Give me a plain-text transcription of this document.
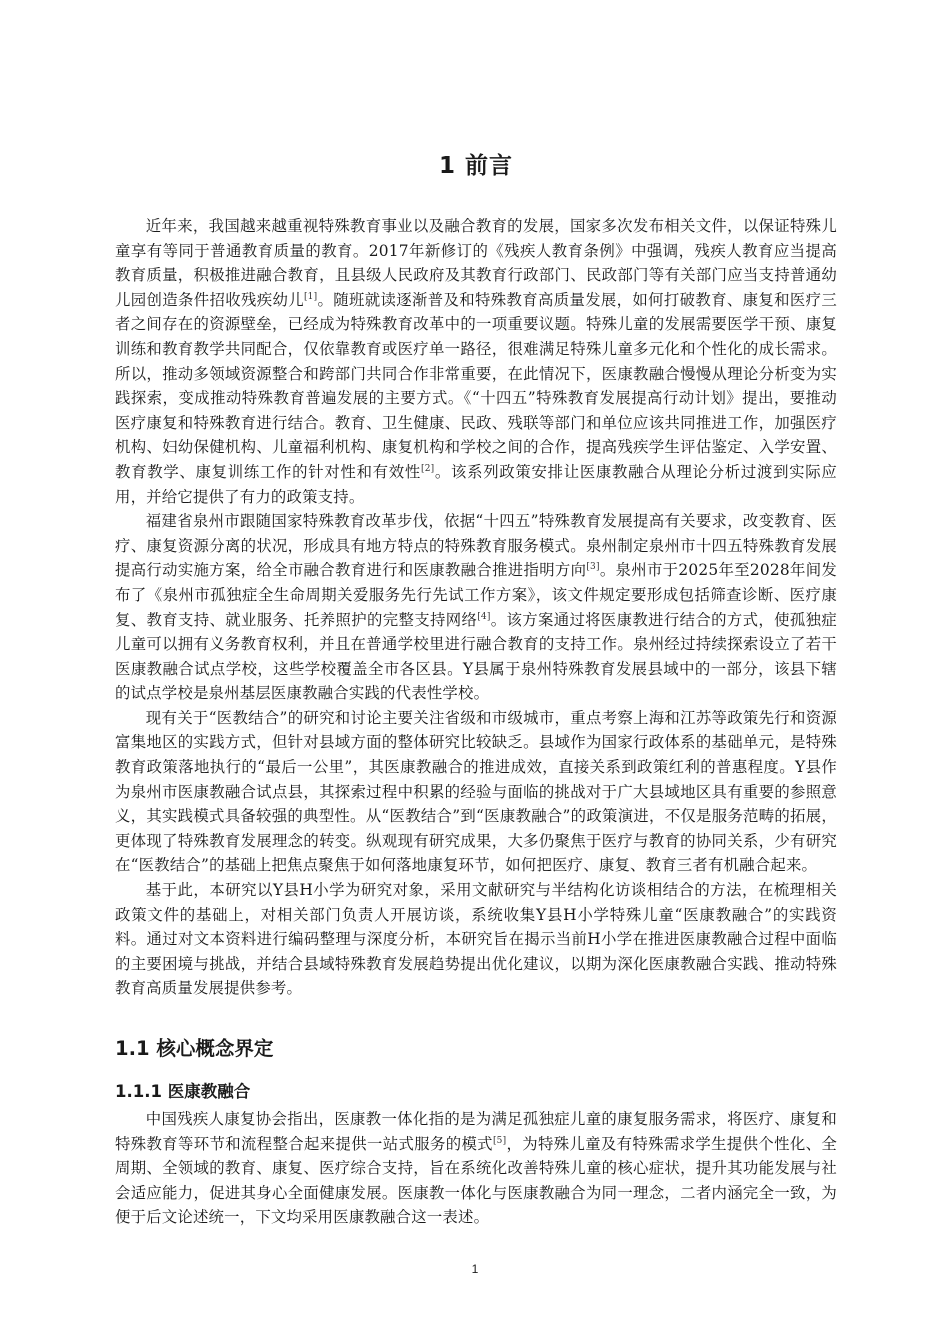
1 前言

近年来，我国越来越重视特殊教育事业以及融合教育的发展，国家多次发布相关文件，以保证特殊儿童享有等同于普通教育质量的教育。2017年新修订的《残疾人教育条例》中强调，残疾人教育应当提高教育质量，积极推进融合教育，且县级人民政府及其教育行政部门、民政部门等有关部门应当支持普通幼儿园创造条件招收残疾幼儿[1]。随班就读逐渐普及和特殊教育高质量发展，如何打破教育、康复和医疗三者之间存在的资源壁垒，已经成为特殊教育改革中的一项重要议题。特殊儿童的发展需要医学干预、康复训练和教育教学共同配合，仅依靠教育或医疗单一路径，很难满足特殊儿童多元化和个性化的成长需求。所以，推动多领域资源整合和跨部门共同合作非常重要，在此情况下，医康教融合慢慢从理论分析变为实践探索，变成推动特殊教育普遍发展的主要方式。《“十四五”特殊教育发展提高行动计划》提出，要推动医疗康复和特殊教育进行结合。教育、卫生健康、民政、残联等部门和单位应该共同推进工作，加强医疗机构、妇幼保健机构、儿童福利机构、康复机构和学校之间的合作，提高残疾学生评估鉴定、入学安置、教育教学、康复训练工作的针对性和有效性[2]。该系列政策安排让医康教融合从理论分析过渡到实际应用，并给它提供了有力的政策支持。

福建省泉州市跟随国家特殊教育改革步伐，依据“十四五”特殊教育发展提高有关要求，改变教育、医疗、康复资源分离的状况，形成具有地方特点的特殊教育服务模式。泉州制定泉州市十四五特殊教育发展提高行动实施方案，给全市融合教育进行和医康教融合推进指明方向[3]。泉州市于2025年至2028年间发布了《泉州市孤独症全生命周期关爱服务先行先试工作方案》，该文件规定要形成包括筛查诊断、医疗康复、教育支持、就业服务、托养照护的完整支持网络[4]。该方案通过将医康教进行结合的方式，使孤独症儿童可以拥有义务教育权利，并且在普通学校里进行融合教育的支持工作。泉州经过持续探索设立了若干医康教融合试点学校，这些学校覆盖全市各区县。Y县属于泉州特殊教育发展县域中的一部分，该县下辖的试点学校是泉州基层医康教融合实践的代表性学校。

现有关于“医教结合”的研究和讨论主要关注省级和市级城市，重点考察上海和江苏等政策先行和资源富集地区的实践方式，但针对县域方面的整体研究比较缺乏。县域作为国家行政体系的基础单元，是特殊教育政策落地执行的“最后一公里”，其医康教融合的推进成效，直接关系到政策红利的普惠程度。Y县作为泉州市医康教融合试点县，其探索过程中积累的经验与面临的挑战对于广大县域地区具有重要的参照意义，其实践模式具备较强的典型性。从“医教结合”到“医康教融合”的政策演进，不仅是服务范畴的拓展，更体现了特殊教育发展理念的转变。纵观现有研究成果，大多仍聚焦于医疗与教育的协同关系，少有研究在“医教结合”的基础上把焦点聚焦于如何落地康复环节，如何把医疗、康复、教育三者有机融合起来。

基于此，本研究以Y县H小学为研究对象，采用文献研究与半结构化访谈相结合的方法，在梳理相关政策文件的基础上，对相关部门负责人开展访谈，系统收集Y县H小学特殊儿童“医康教融合”的实践资料。通过对文本资料进行编码整理与深度分析，本研究旨在揭示当前H小学在推进医康教融合过程中面临的主要困境与挑战，并结合县域特殊教育发展趋势提出优化建议，以期为深化医康教融合实践、推动特殊教育高质量发展提供参考。

1.1 核心概念界定
1.1.1 医康教融合

中国残疾人康复协会指出，医康教一体化指的是为满足孤独症儿童的康复服务需求，将医疗、康复和特殊教育等环节和流程整合起来提供一站式服务的模式[5]，为特殊儿童及有特殊需求学生提供个性化、全周期、全领域的教育、康复、医疗综合支持，旨在系统化改善特殊儿童的核心症状，提升其功能发展与社会适应能力，促进其身心全面健康发展。医康教一体化与医康教融合为同一理念，二者内涵完全一致，为便于后文论述统一，下文均采用医康教融合这一表述。

1
